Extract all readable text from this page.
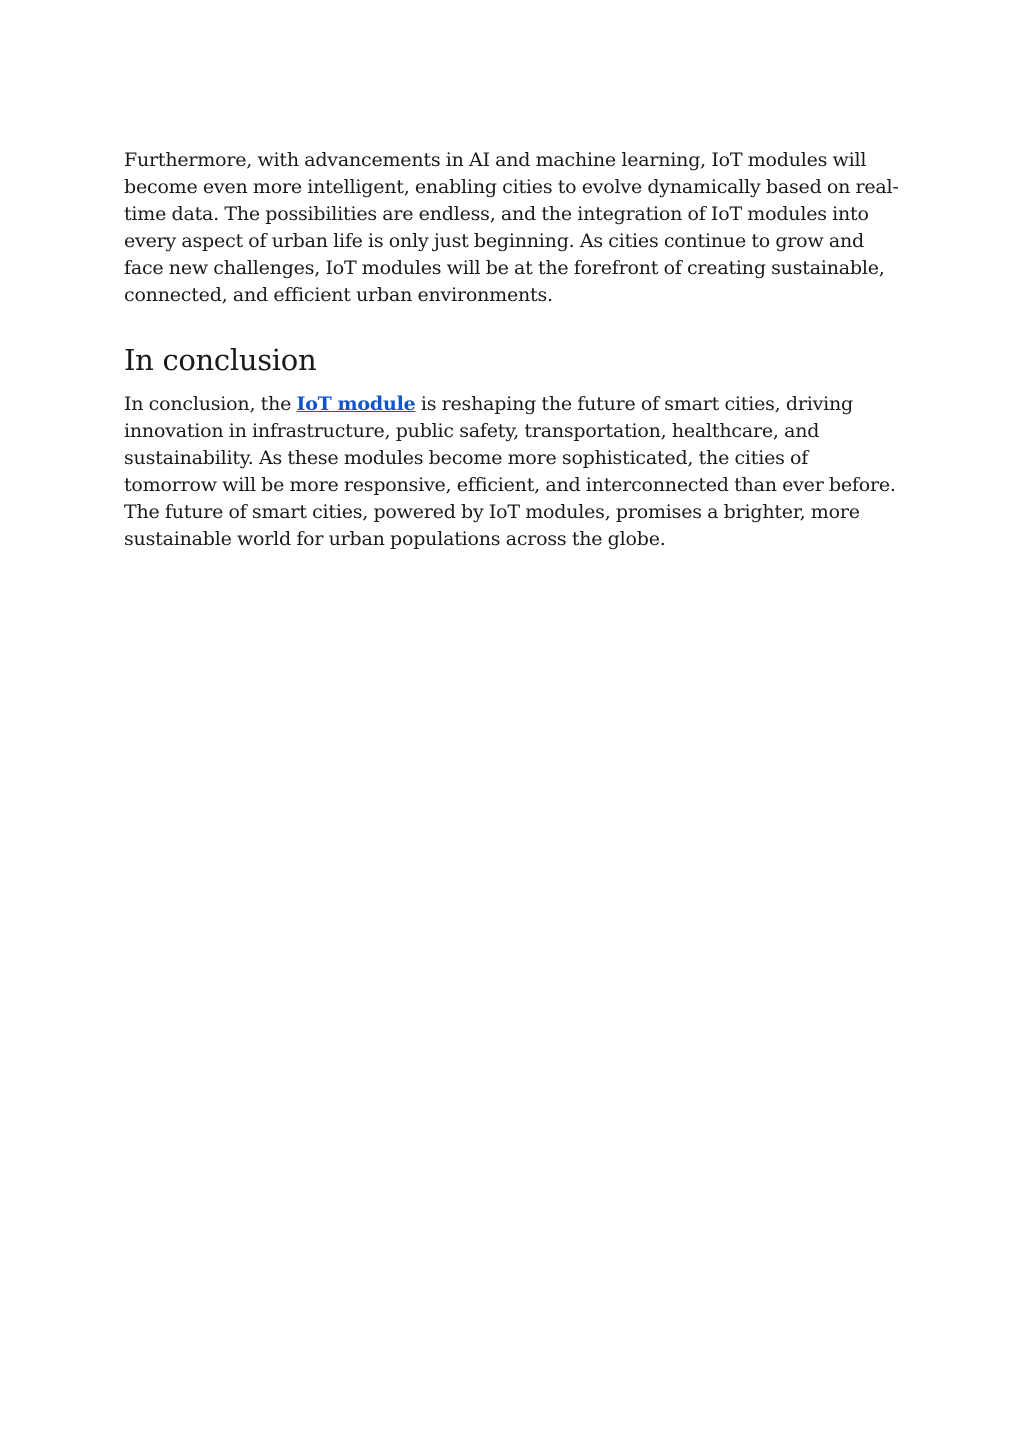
Furthermore, with advancements in AI and machine learning, IoT modules will become even more intelligent, enabling cities to evolve dynamically based on real-time data. The possibilities are endless, and the integration of IoT modules into every aspect of urban life is only just beginning. As cities continue to grow and face new challenges, IoT modules will be at the forefront of creating sustainable, connected, and efficient urban environments.

In conclusion

In conclusion, the IoT module is reshaping the future of smart cities, driving innovation in infrastructure, public safety, transportation, healthcare, and sustainability. As these modules become more sophisticated, the cities of tomorrow will be more responsive, efficient, and interconnected than ever before. The future of smart cities, powered by IoT modules, promises a brighter, more sustainable world for urban populations across the globe.
